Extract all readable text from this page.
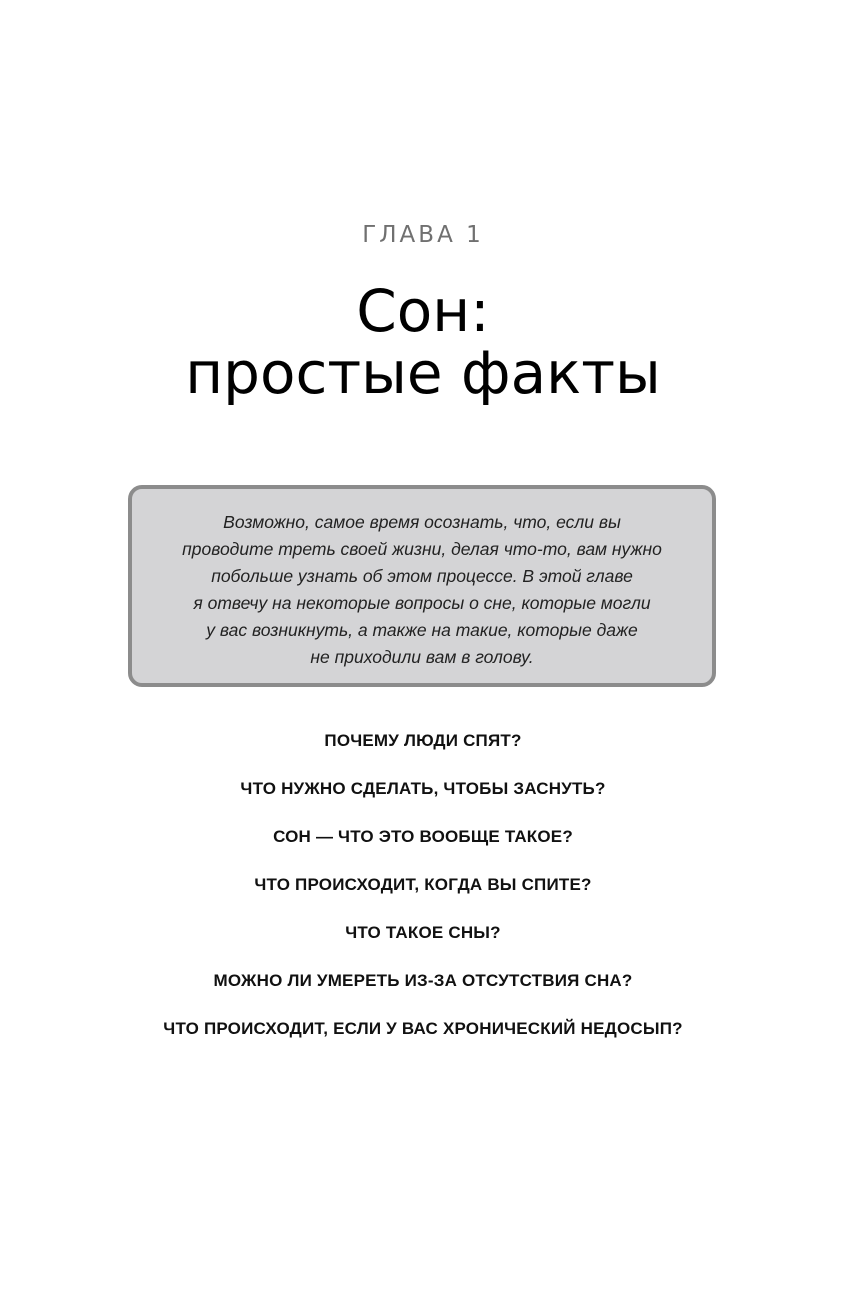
ГЛАВА 1
Сон:
простые факты
Возможно, самое время осознать, что, если вы
проводите треть своей жизни, делая что-то, вам нужно
побольше узнать об этом процессе. В этой главе
я отвечу на некоторые вопросы о сне, которые могли
у вас возникнуть, а также на такие, которые даже
не приходили вам в голову.
ПОЧЕМУ ЛЮДИ СПЯТ?
ЧТО НУЖНО СДЕЛАТЬ, ЧТОБЫ ЗАСНУТЬ?
СОН — ЧТО ЭТО ВООБЩЕ ТАКОЕ?
ЧТО ПРОИСХОДИТ, КОГДА ВЫ СПИТЕ?
ЧТО ТАКОЕ СНЫ?
МОЖНО ЛИ УМЕРЕТЬ ИЗ-ЗА ОТСУТСТВИЯ СНА?
ЧТО ПРОИСХОДИТ, ЕСЛИ У ВАС ХРОНИЧЕСКИЙ НЕДОСЫП?
